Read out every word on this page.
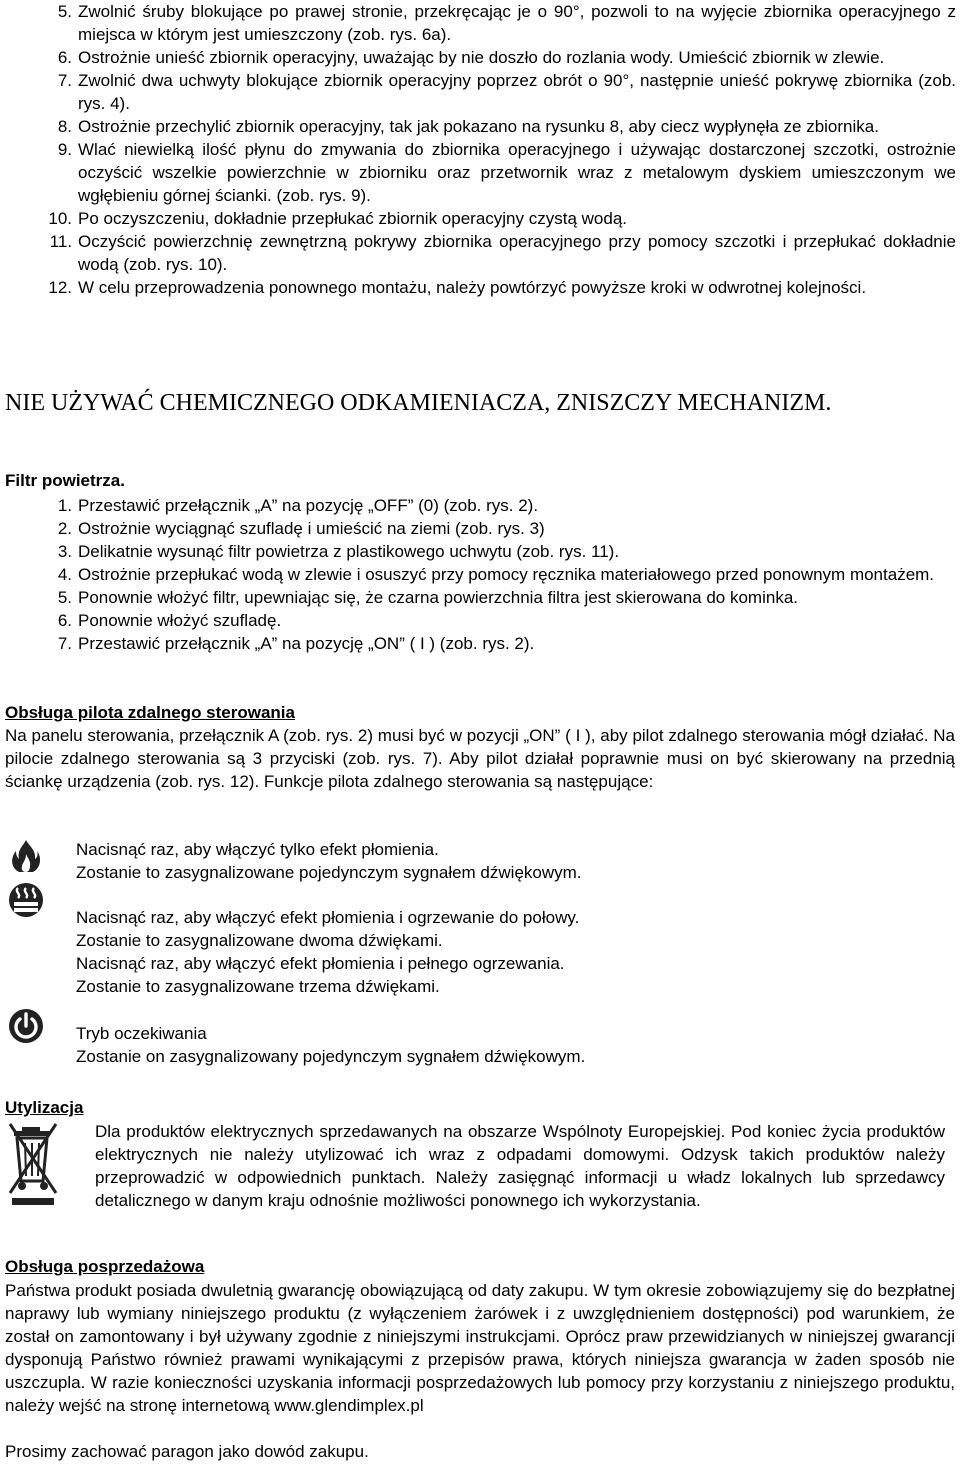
5. Zwolnić śruby blokujące po prawej stronie, przekręcając je o 90°, pozwoli to na wyjęcie zbiornika operacyjnego z miejsca w którym jest umieszczony (zob. rys. 6a).
6. Ostrożnie unieść zbiornik operacyjny, uważając by nie doszło do rozlania wody. Umieścić zbiornik w zlewie.
7. Zwolnić dwa uchwyty blokujące zbiornik operacyjny poprzez obrót o 90°, następnie unieść pokrywę zbiornika (zob. rys. 4).
8. Ostrożnie przechylić zbiornik operacyjny, tak jak pokazano na rysunku 8, aby ciecz wypłynęła ze zbiornika.
9. Wlać niewielką ilość płynu do zmywania do zbiornika operacyjnego i używając dostarczonej szczotki, ostrożnie oczyścić wszelkie powierzchnie w zbiorniku oraz przetwornik wraz z metalowym dyskiem umieszczonym we wgłębieniu górnej ścianki. (zob. rys. 9).
10. Po oczyszczeniu, dokładnie przepłukać zbiornik operacyjny czystą wodą.
11. Oczyścić powierzchnię zewnętrzną pokrywy zbiornika operacyjnego przy pomocy szczotki i przepłukać dokładnie wodą (zob. rys. 10).
12. W celu przeprowadzenia ponownego montażu, należy powtórzyć powyższe kroki w odwrotnej kolejności.
NIE UŻYWAĆ CHEMICZNEGO ODKAMIENIACZA, ZNISZCZY MECHANIZM.
Filtr powietrza.
1. Przestawić przełącznik „A” na pozycję „OFF” (0) (zob. rys. 2).
2. Ostrożnie wyciągnąć szufladę i umieścić na ziemi (zob. rys. 3)
3. Delikatnie wysunąć filtr powietrza z plastikowego uchwytu (zob. rys. 11).
4. Ostrożnie przepłukać wodą w zlewie i osuszyć przy pomocy ręcznika materiałowego przed ponownym montażem.
5. Ponownie włożyć filtr, upewniając się, że czarna powierzchnia filtra jest skierowana do kominka.
6. Ponownie włożyć szufladę.
7. Przestawić przełącznik „A” na pozycję „ON” ( I ) (zob. rys. 2).
Obsługa pilota zdalnego sterowania
Na panelu sterowania, przełącznik A (zob. rys. 2) musi być w pozycji „ON” ( I ), aby pilot zdalnego sterowania mógł działać. Na pilocie zdalnego sterowania są 3 przyciski (zob. rys. 7). Aby pilot działał poprawnie musi on być skierowany na przednią ściankę urządzenia (zob. rys. 12). Funkcje pilota zdalnego sterowania są następujące:
Nacisnąć raz, aby włączyć tylko efekt płomienia.
Zostanie to zasygnalizowane pojedynczym sygnałem dźwiękowym.
Nacisnąć raz, aby włączyć efekt płomienia i ogrzewanie do połowy.
Zostanie to zasygnalizowane dwoma dźwiękami.
Nacisnąć raz, aby włączyć efekt płomienia i pełnego ogrzewania.
Zostanie to zasygnalizowane trzema dźwiękami.
Tryb oczekiwania
Zostanie on zasygnalizowany pojedynczym sygnałem dźwiękowym.
Utylizacja
Dla produktów elektrycznych sprzedawanych na obszarze Wspólnoty Europejskiej. Pod koniec życia produktów elektrycznych nie należy utylizować ich wraz z odpadami domowymi. Odzysk takich produktów należy przeprowadzić w odpowiednich punktach. Należy zasięgnąć informacji u władz lokalnych lub sprzedawcy detalicznego w danym kraju odnośnie możliwości ponownego ich wykorzystania.
Obsługa posprzedażowa
Państwa produkt posiada dwuletnią gwarancję obowiązującą od daty zakupu. W tym okresie zobowiązujemy się do bezpłatnej naprawy lub wymiany niniejszego produktu (z wyłączeniem żarówek i z uwzględnieniem dostępności) pod warunkiem, że został on zamontowany i był używany zgodnie z niniejszymi instrukcjami. Oprócz praw przewidzianych w niniejszej gwarancji dysponują Państwo również prawami wynikającymi z przepisów prawa, których niniejsza gwarancja w żaden sposób nie uszczupla. W razie konieczności uzyskania informacji posprzedażowych lub pomocy przy korzystaniu z niniejszego produktu, należy wejść na stronę internetową www.glendimplex.pl
Prosimy zachować paragon jako dowód zakupu.
